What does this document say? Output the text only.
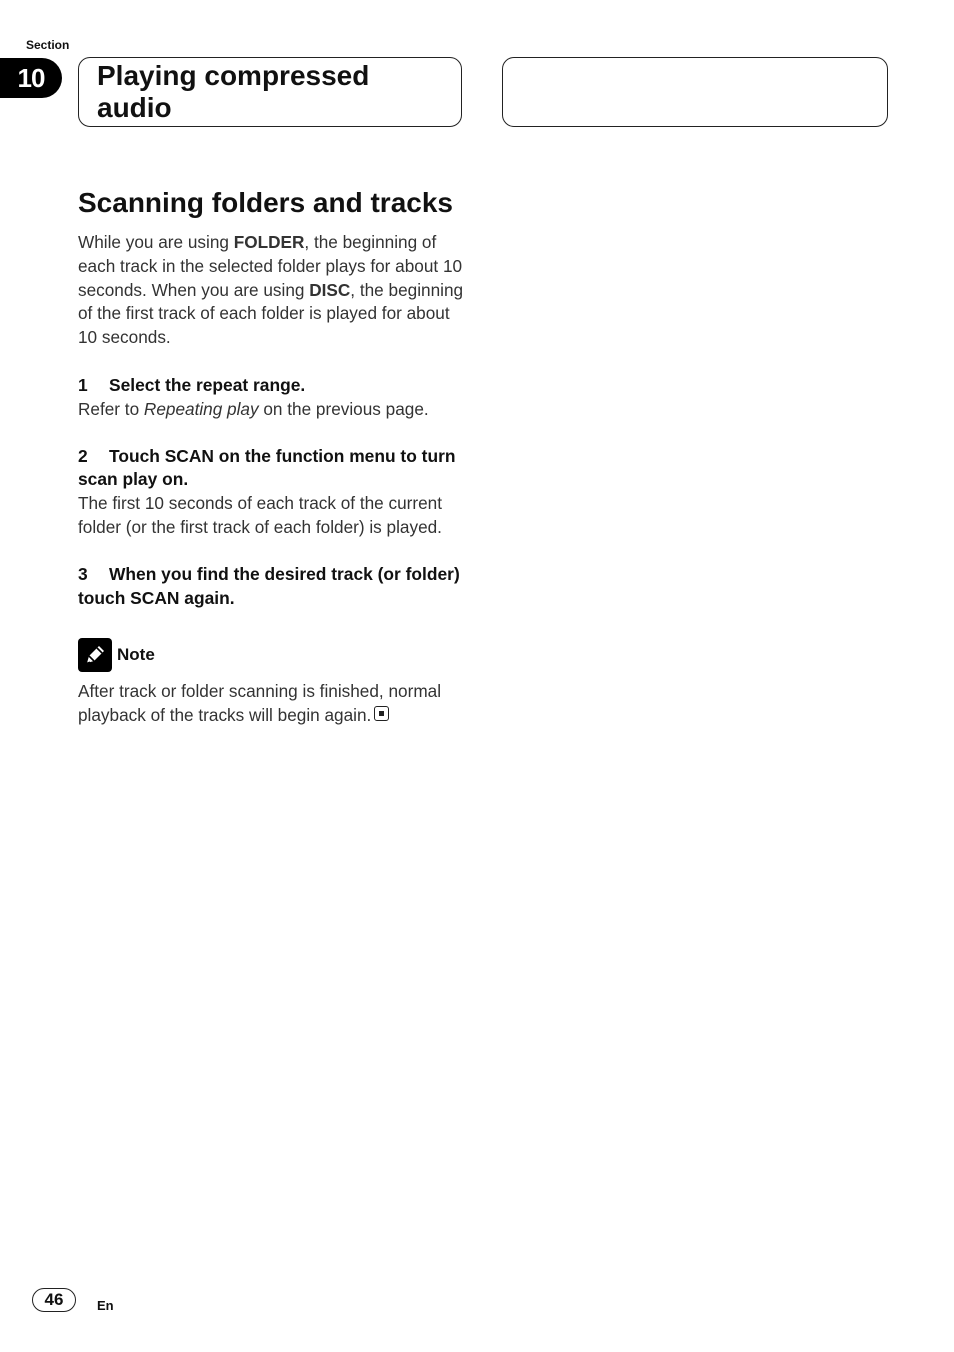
Section
10	Playing compressed audio
Scanning folders and tracks

While you are using FOLDER, the beginning of each track in the selected folder plays for about 10 seconds. When you are using DISC, the beginning of the first track of each folder is played for about 10 seconds.

1 Select the repeat range.

Refer to Repeating play on the previous page.

2 Touch SCAN on the function menu to turn scan play on.

The first 10 seconds of each track of the current folder (or the first track of each folder) is played.

3 When you find the desired track (or folder) touch SCAN again.
Note

After track or folder scanning is finished, normal playback of the tracks will begin again.

46	En
